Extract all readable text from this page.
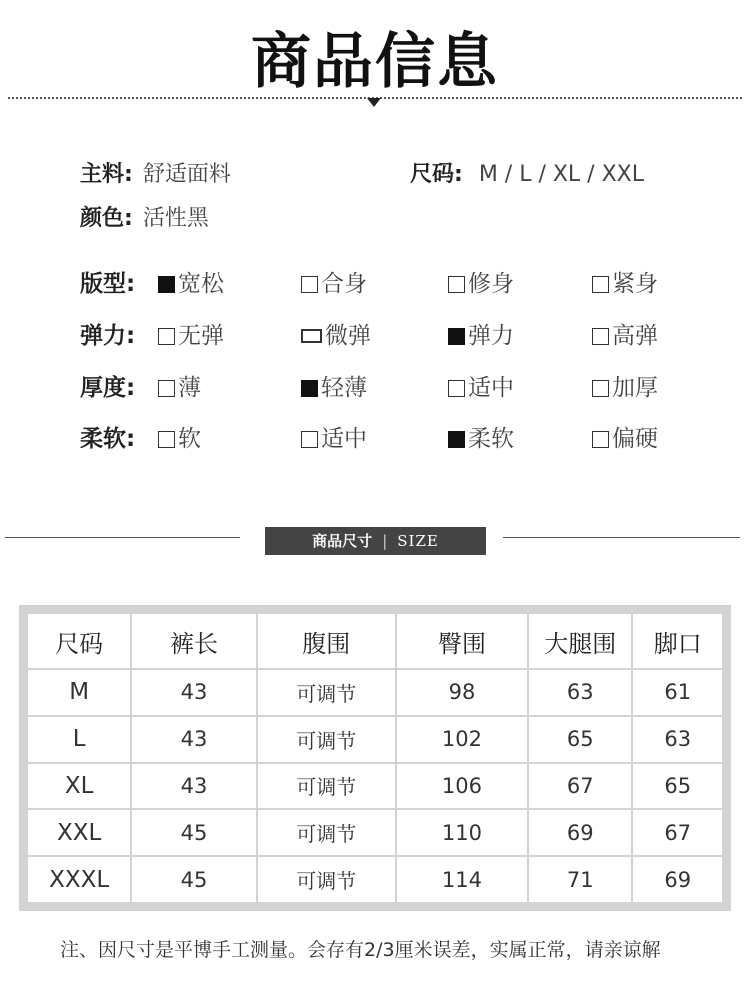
商品信息
主料: 舒适面料	尺码: M / L / XL / XXL
颜色: 活性黑
版型:	宽松	合身	修身	紧身
弹力:	无弹	微弹	弹力	高弹
厚度:	薄	轻薄	适中	加厚
柔软:	软	适中	柔软	偏硬
商品尺寸 | SIZE
尺码	裤长	腹围	臀围	大腿围	脚口
M	43	可调节	98	63	61
L	43	可调节	102	65	63
XL	43	可调节	106	67	65
XXL	45	可调节	110	69	67
XXXL	45	可调节	114	71	69
注、因尺寸是平博手工测量。会存有2/3厘米误差，实属正常，请亲谅解
